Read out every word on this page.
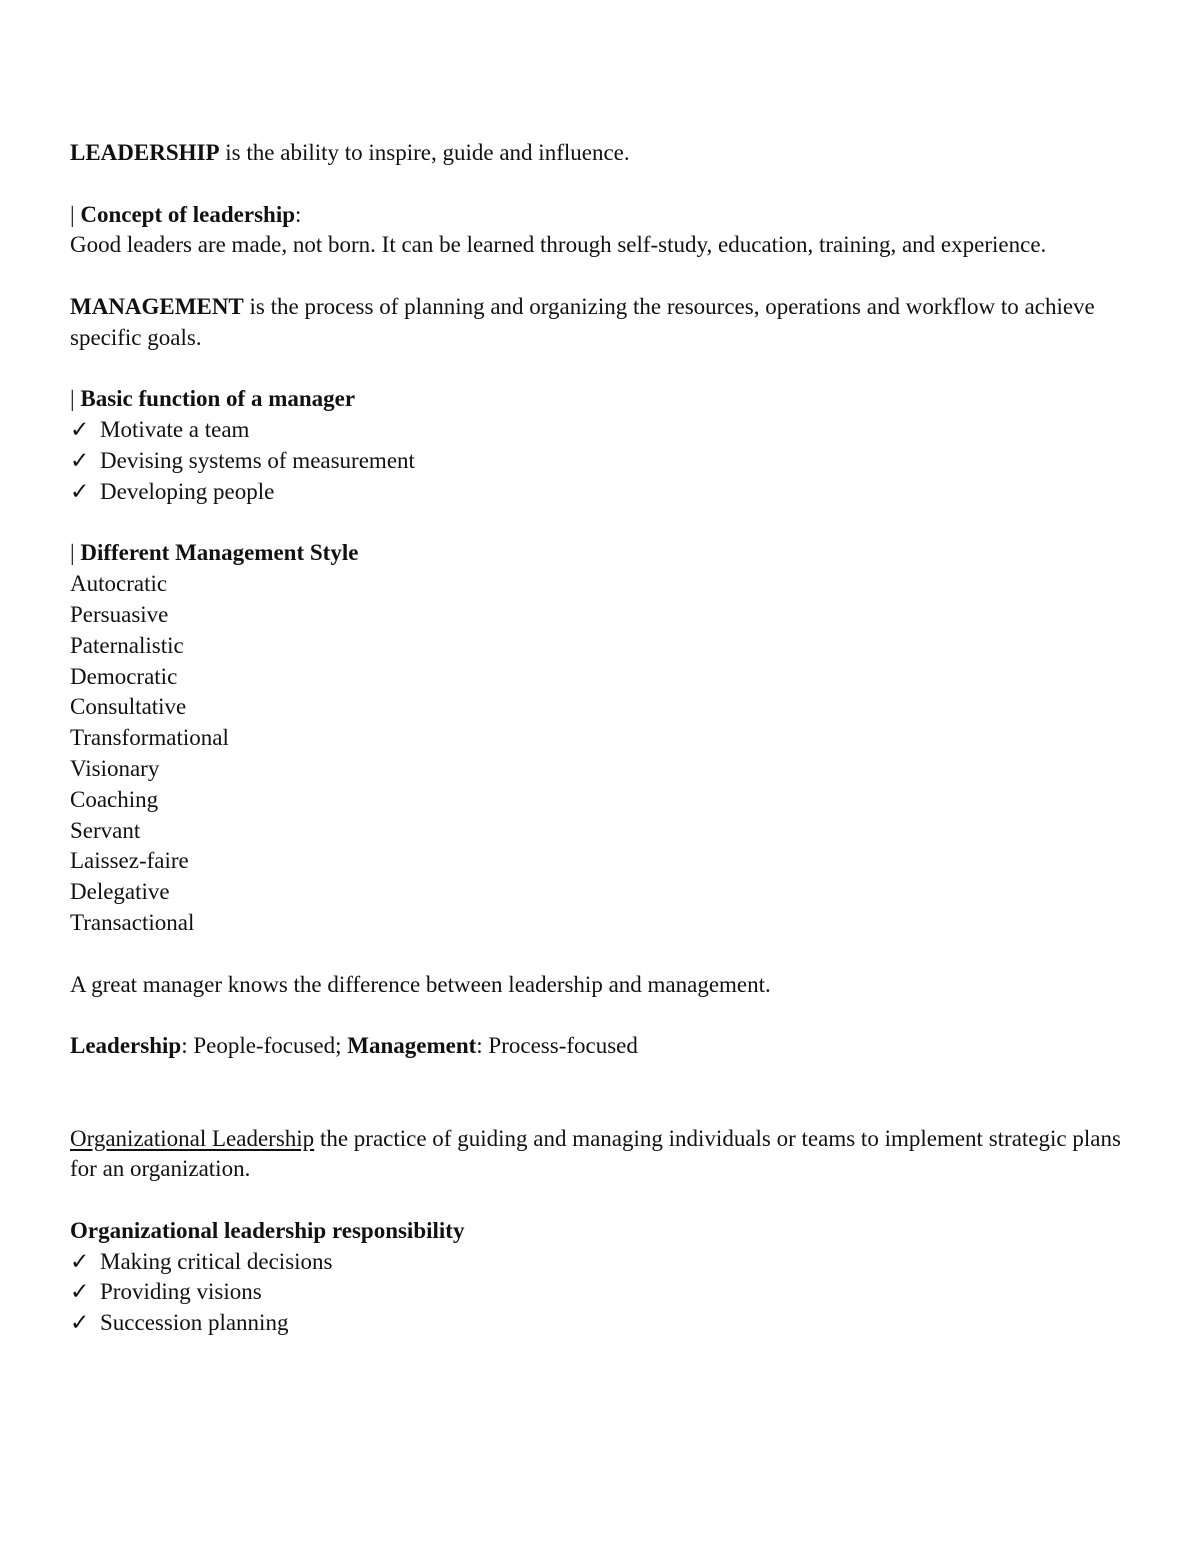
LEADERSHIP is the ability to inspire, guide and influence.
| Concept of leadership:
Good leaders are made, not born. It can be learned through self-study, education, training, and experience.
MANAGEMENT is the process of planning and organizing the resources, operations and workflow to achieve specific goals.
| Basic function of a manager
✓ Motivate a team
✓ Devising systems of measurement
✓ Developing people
| Different Management Style
Autocratic
Persuasive
Paternalistic
Democratic
Consultative
Transformational
Visionary
Coaching
Servant
Laissez-faire
Delegative
Transactional
A great manager knows the difference between leadership and management.
Leadership: People-focused; Management: Process-focused
Organizational Leadership the practice of guiding and managing individuals or teams to implement strategic plans for an organization.
Organizational leadership responsibility
✓ Making critical decisions
✓ Providing visions
✓ Succession planning
